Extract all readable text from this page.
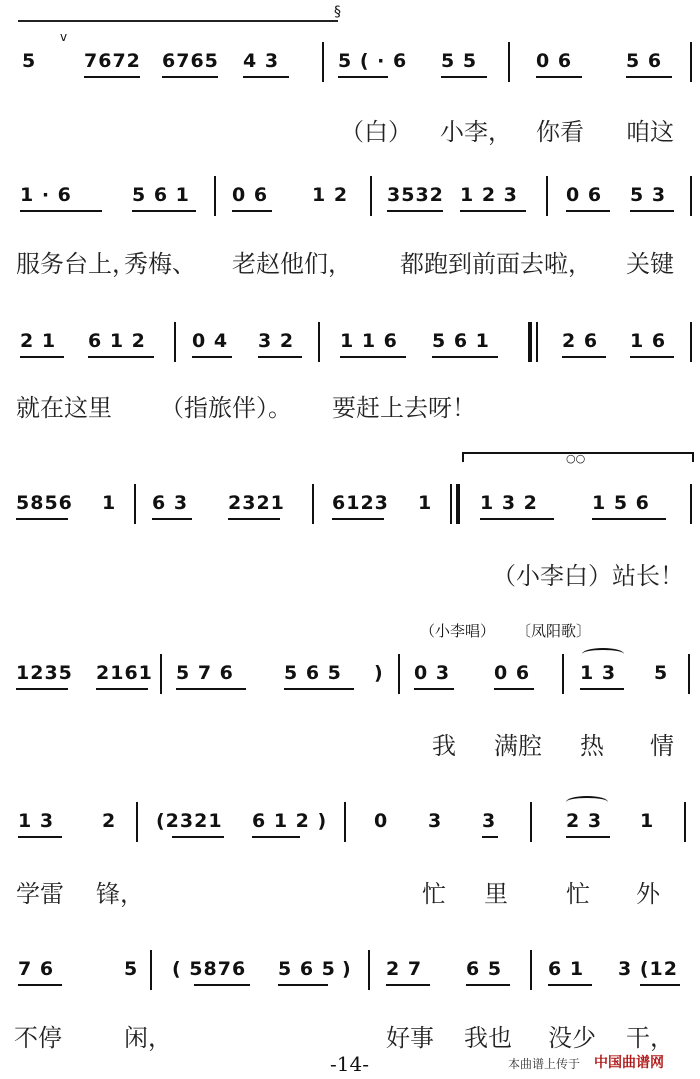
§
v
5	7672 6765 4 3	5 ( · 6 5 5	0 6	5 6
（白） 小李， 你看 咱这
1 · 6	5 6 1 0 6 1 2 3532 1 2 3	0 6 5 3
服务台上，
秀梅、 老赵他们， 都跑到前面去啦， 关键
2 1 6 1 2 0 4 3 2 1 1 6 5 6 1	2 6 1 6
就在这里 （指旅伴）。 要赶上去呀！
○○
5856 1 6 3 2321 6123 1	1 3 2	1 5 6
（小李白）站长！
（小李唱） 〔凤阳歌〕
1235 2161 5 7 6	5 6 5 ) 0 3 0 6	1 3 5
我 满腔 热 情
1 3	2 (2321 6 1 2 ) 0 3 3	2 3 1
学雷 锋，	忙 里 忙 外
7 6	5 ( 5876 5 6 5 ) 2 7 6 5 6 1 3 (12
不停	闲，	好事 我也 没少 干，
-14-	本曲谱上传于 中国曲谱网
